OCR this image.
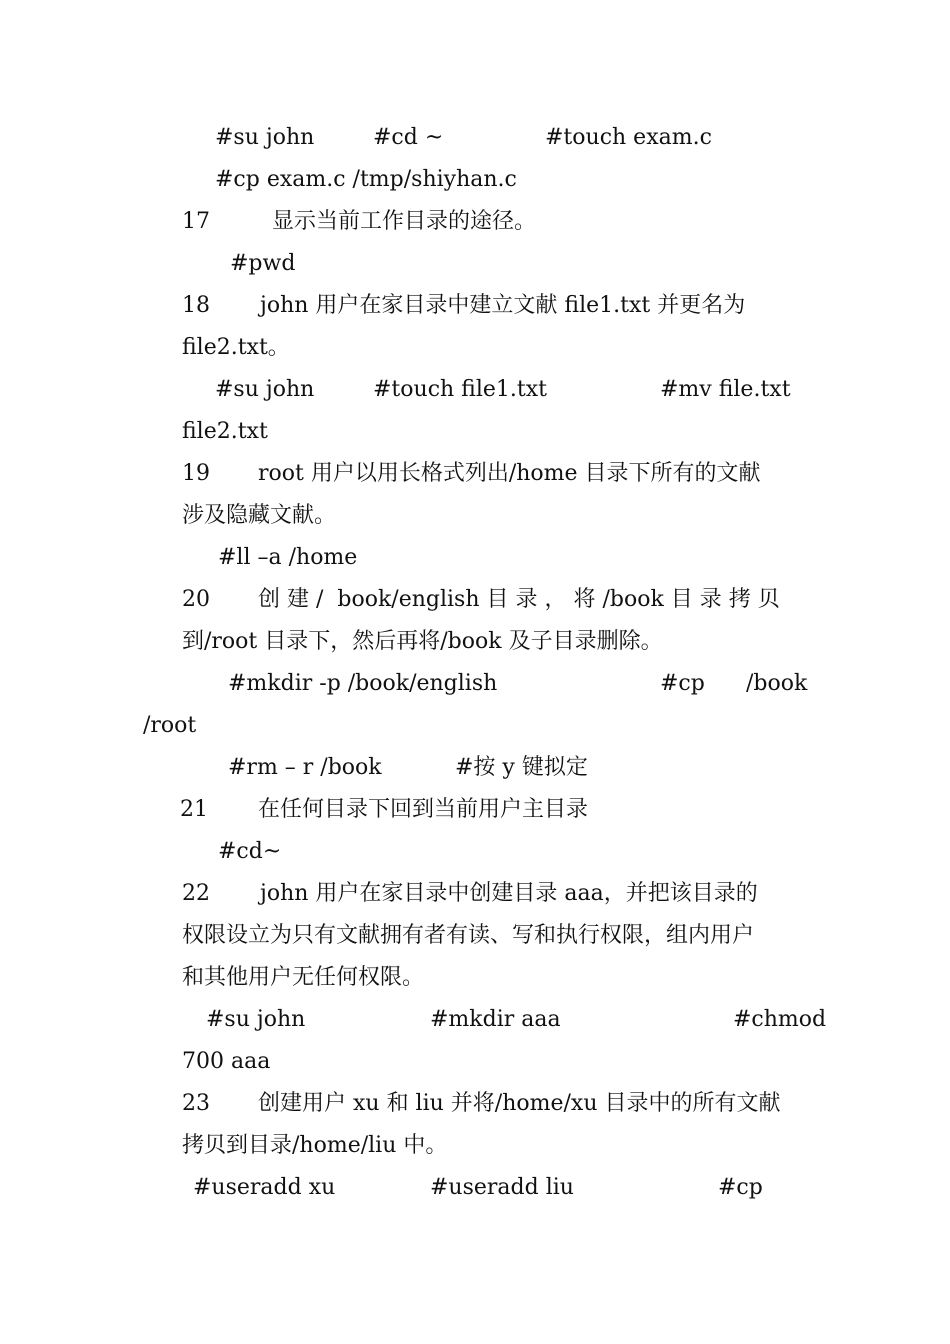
#su john

	#cd ~

	#touch exam.c

#cp exam.c /tmp/shiyhan.c

17

	显示当前工作目录的途径。

#pwd

18

john 用户在家目录中建立文献 file1.txt 并更名为

file2.txt。

#su john

	#touch file1.txt

	#mv file.txt

file2.txt

19

root 用户以用长格式列出/home 目录下所有的文献

涉及隐藏文献。
#ll –a /home

20

创 建 /  book/english 目 录 ， 将 /book 目 录 拷 贝

到/root 目录下，然后再将/book 及子目录删除。

#mkdir -p /book/english

	#cp

/book

/root

#rm – r /book

	#按 y 键拟定

21

在任何目录下回到当前用户主目录

#cd~

22

john 用户在家目录中创建目录 aaa，并把该目录的

权限设立为只有文献拥有者有读、写和执行权限，组内用户
和其他用户无任何权限。

#su john

	#mkdir aaa

	#chmod

700 aaa

23

创建用户 xu 和 liu 并将/home/xu 目录中的所有文献

拷贝到目录/home/liu 中。

#useradd xu

	#useradd liu

	#cp
